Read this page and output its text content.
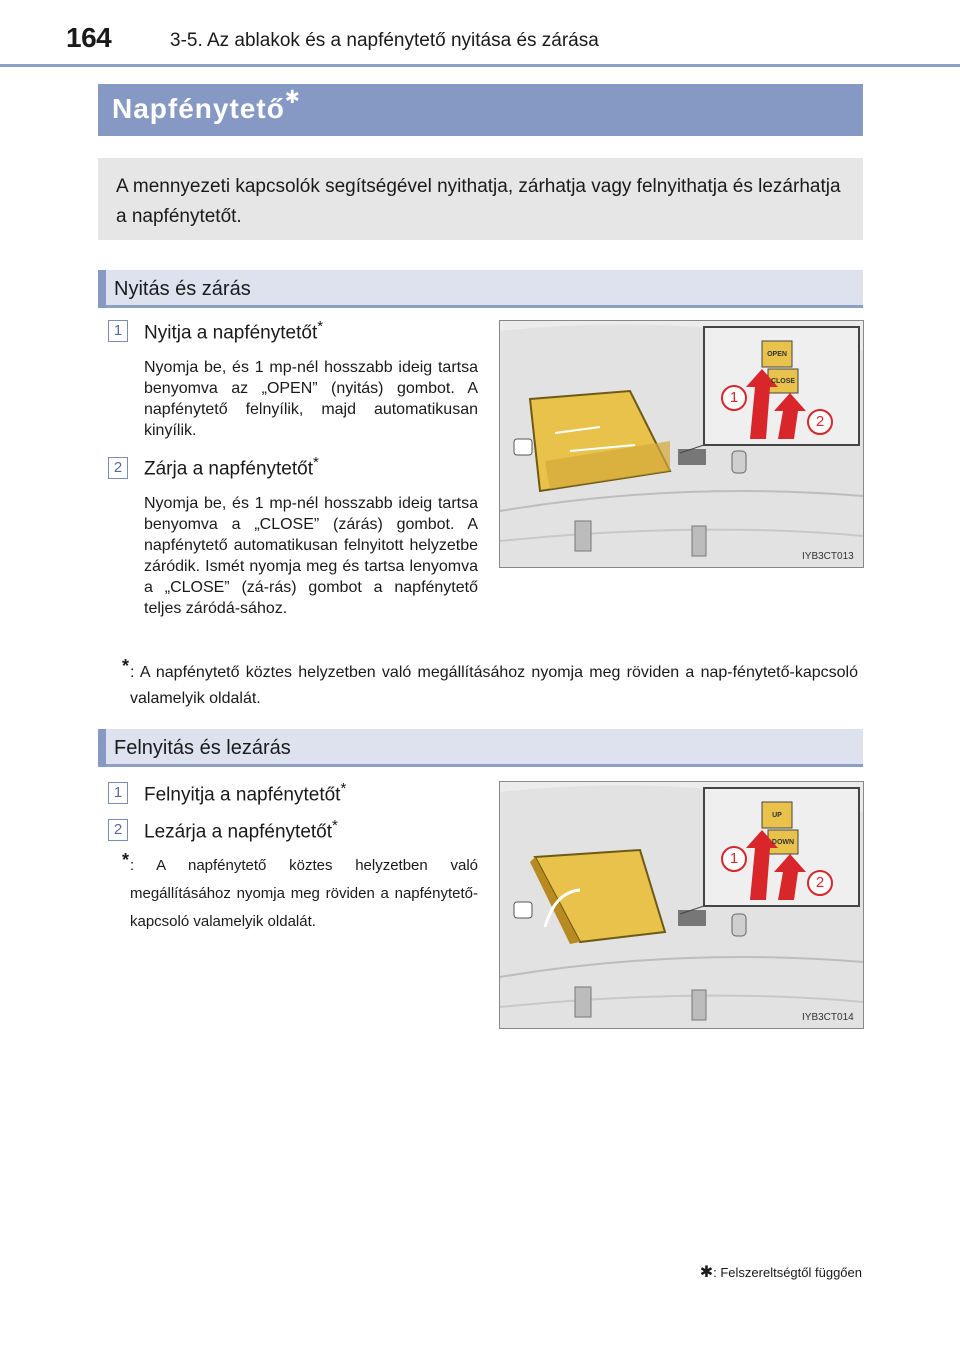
164	3-5. Az ablakok és a napfénytető nyitása és zárása
Napfénytető✱
A mennyezeti kapcsolók segítségével nyithatja, zárhatja vagy felnyithatja és lezárhatja a napfénytetőt.
Nyitás és zárás
1	Nyitja a napfénytetőt*
Nyomja be, és 1 mp-nél hosszabb ideig tartsa benyomva az „OPEN” (nyitás) gombot. A napfénytető felnyílik, majd automatikusan kinyílik.
2	Zárja a napfénytetőt*
Nyomja be, és 1 mp-nél hosszabb ideig tartsa benyomva a „CLOSE” (zárás) gombot. A napfénytető automatikusan felnyitott helyzetbe záródik. Ismét nyomja meg és tartsa lenyomva a „CLOSE” (zá-rás) gombot a napfénytető teljes záródá-sához.
* : A napfénytető köztes helyzetben való megállításához nyomja meg röviden a nap-fénytető-kapcsoló valamelyik oldalát.
OPEN
CLOSE
1
2
IYB3CT013
Felnyitás és lezárás
1	Felnyitja a napfénytetőt*
2	Lezárja a napfénytetőt*
* : A napfénytető köztes helyzetben való megállításához nyomja meg röviden a napfénytető-kapcsoló valamelyik oldalát.
UP
DOWN
1
2
IYB3CT014
✱: Felszereltségtől függően
